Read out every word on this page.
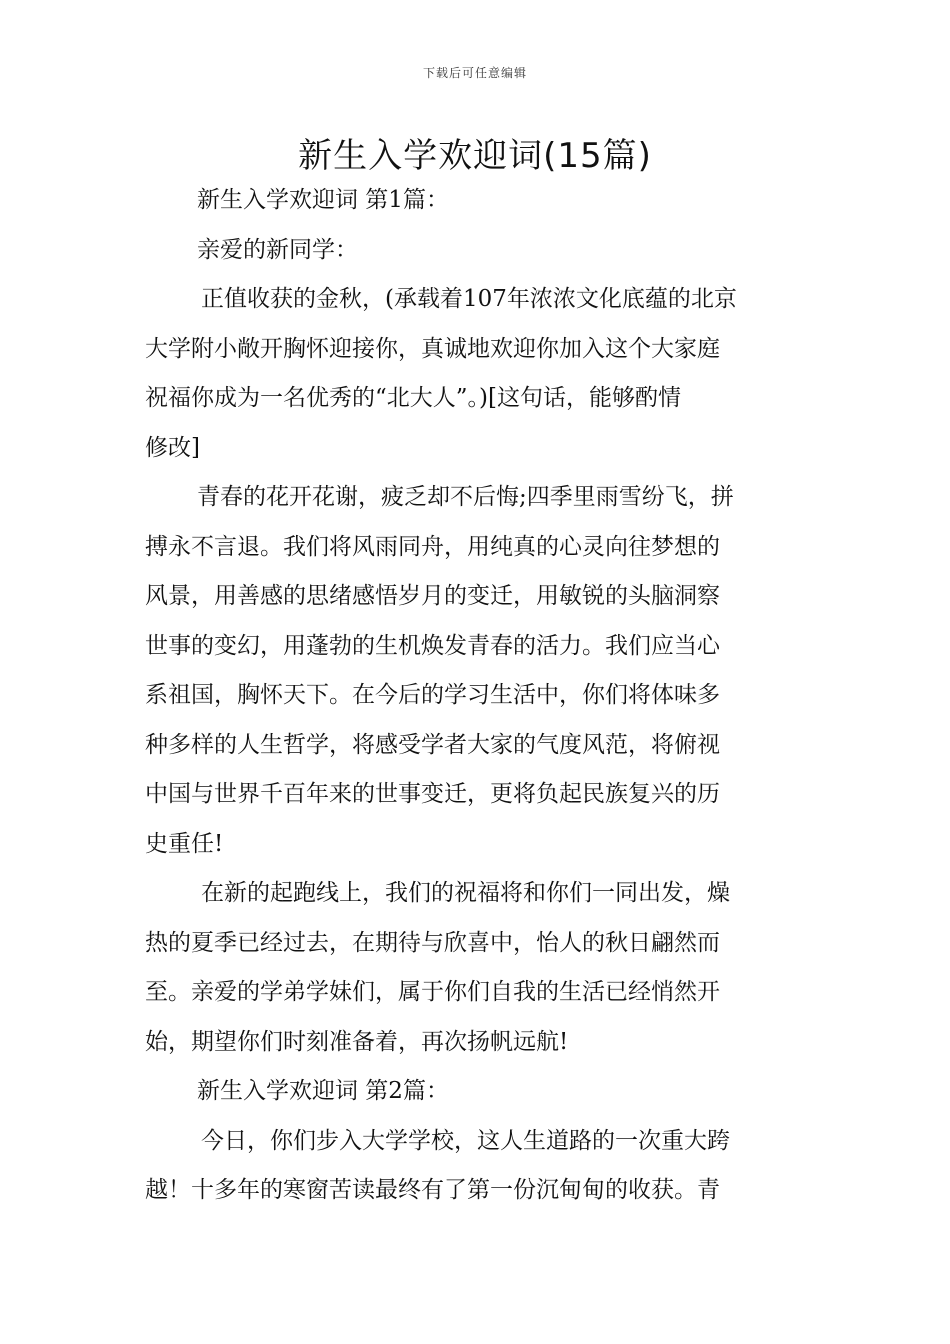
下载后可任意编辑
新生入学欢迎词(15篇)
新生入学欢迎词 第1篇：
亲爱的新同学：
正值收获的金秋，(承载着107年浓浓文化底蕴的北京
大学附小敞开胸怀迎接你，真诚地欢迎你加入这个大家庭
祝福你成为一名优秀的“北大人”。)[这句话，能够酌情
修改]
青春的花开花谢，疲乏却不后悔;四季里雨雪纷飞，拼
搏永不言退。我们将风雨同舟，用纯真的心灵向往梦想的
风景，用善感的思绪感悟岁月的变迁，用敏锐的头脑洞察
世事的变幻，用蓬勃的生机焕发青春的活力。我们应当心
系祖国，胸怀天下。在今后的学习生活中，你们将体味多
种多样的人生哲学，将感受学者大家的气度风范，将俯视
中国与世界千百年来的世事变迁，更将负起民族复兴的历
史重任!
在新的起跑线上，我们的祝福将和你们一同出发，燥
热的夏季已经过去，在期待与欣喜中，怡人的秋日翩然而
至。亲爱的学弟学妹们，属于你们自我的生活已经悄然开
始，期望你们时刻准备着，再次扬帆远航!
新生入学欢迎词 第2篇：
今日，你们步入大学学校，这人生道路的一次重大跨
越！十多年的寒窗苦读最终有了第一份沉甸甸的收获。青
